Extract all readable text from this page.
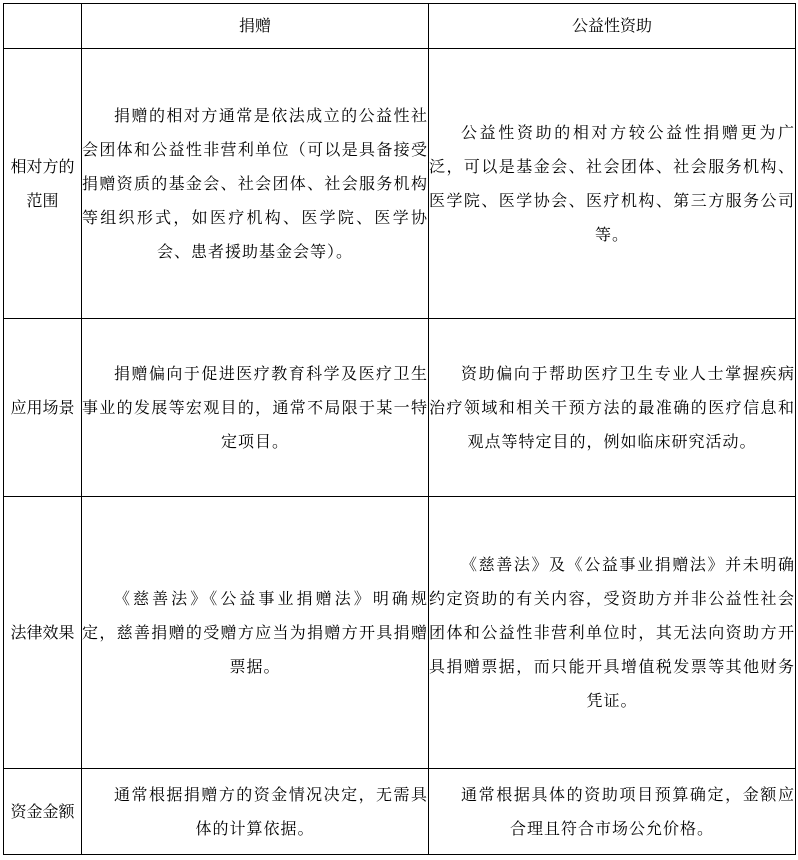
	捐赠	公益性资助
相对方的范围	捐赠的相对方通常是依法成立的公益性社会团体和公益性非营利单位（可以是具备接受捐赠资质的基金会、社会团体、社会服务机构等组织形式，如医疗机构、医学院、医学协会、患者援助基金会等）。	公益性资助的相对方较公益性捐赠更为广泛，可以是基金会、社会团体、社会服务机构、医学院、医学协会、医疗机构、第三方服务公司等。
应用场景	捐赠偏向于促进医疗教育科学及医疗卫生事业的发展等宏观目的，通常不局限于某一特定项目。	资助偏向于帮助医疗卫生专业人士掌握疾病治疗领域和相关干预方法的最准确的医疗信息和观点等特定目的，例如临床研究活动。
法律效果	《慈善法》《公益事业捐赠法》明确规定，慈善捐赠的受赠方应当为捐赠方开具捐赠票据。	《慈善法》及《公益事业捐赠法》并未明确约定资助的有关内容，受资助方并非公益性社会团体和公益性非营利单位时，其无法向资助方开具捐赠票据，而只能开具增值税发票等其他财务凭证。
资金金额	通常根据捐赠方的资金情况决定，无需具体的计算依据。	通常根据具体的资助项目预算确定，金额应合理且符合市场公允价格。
